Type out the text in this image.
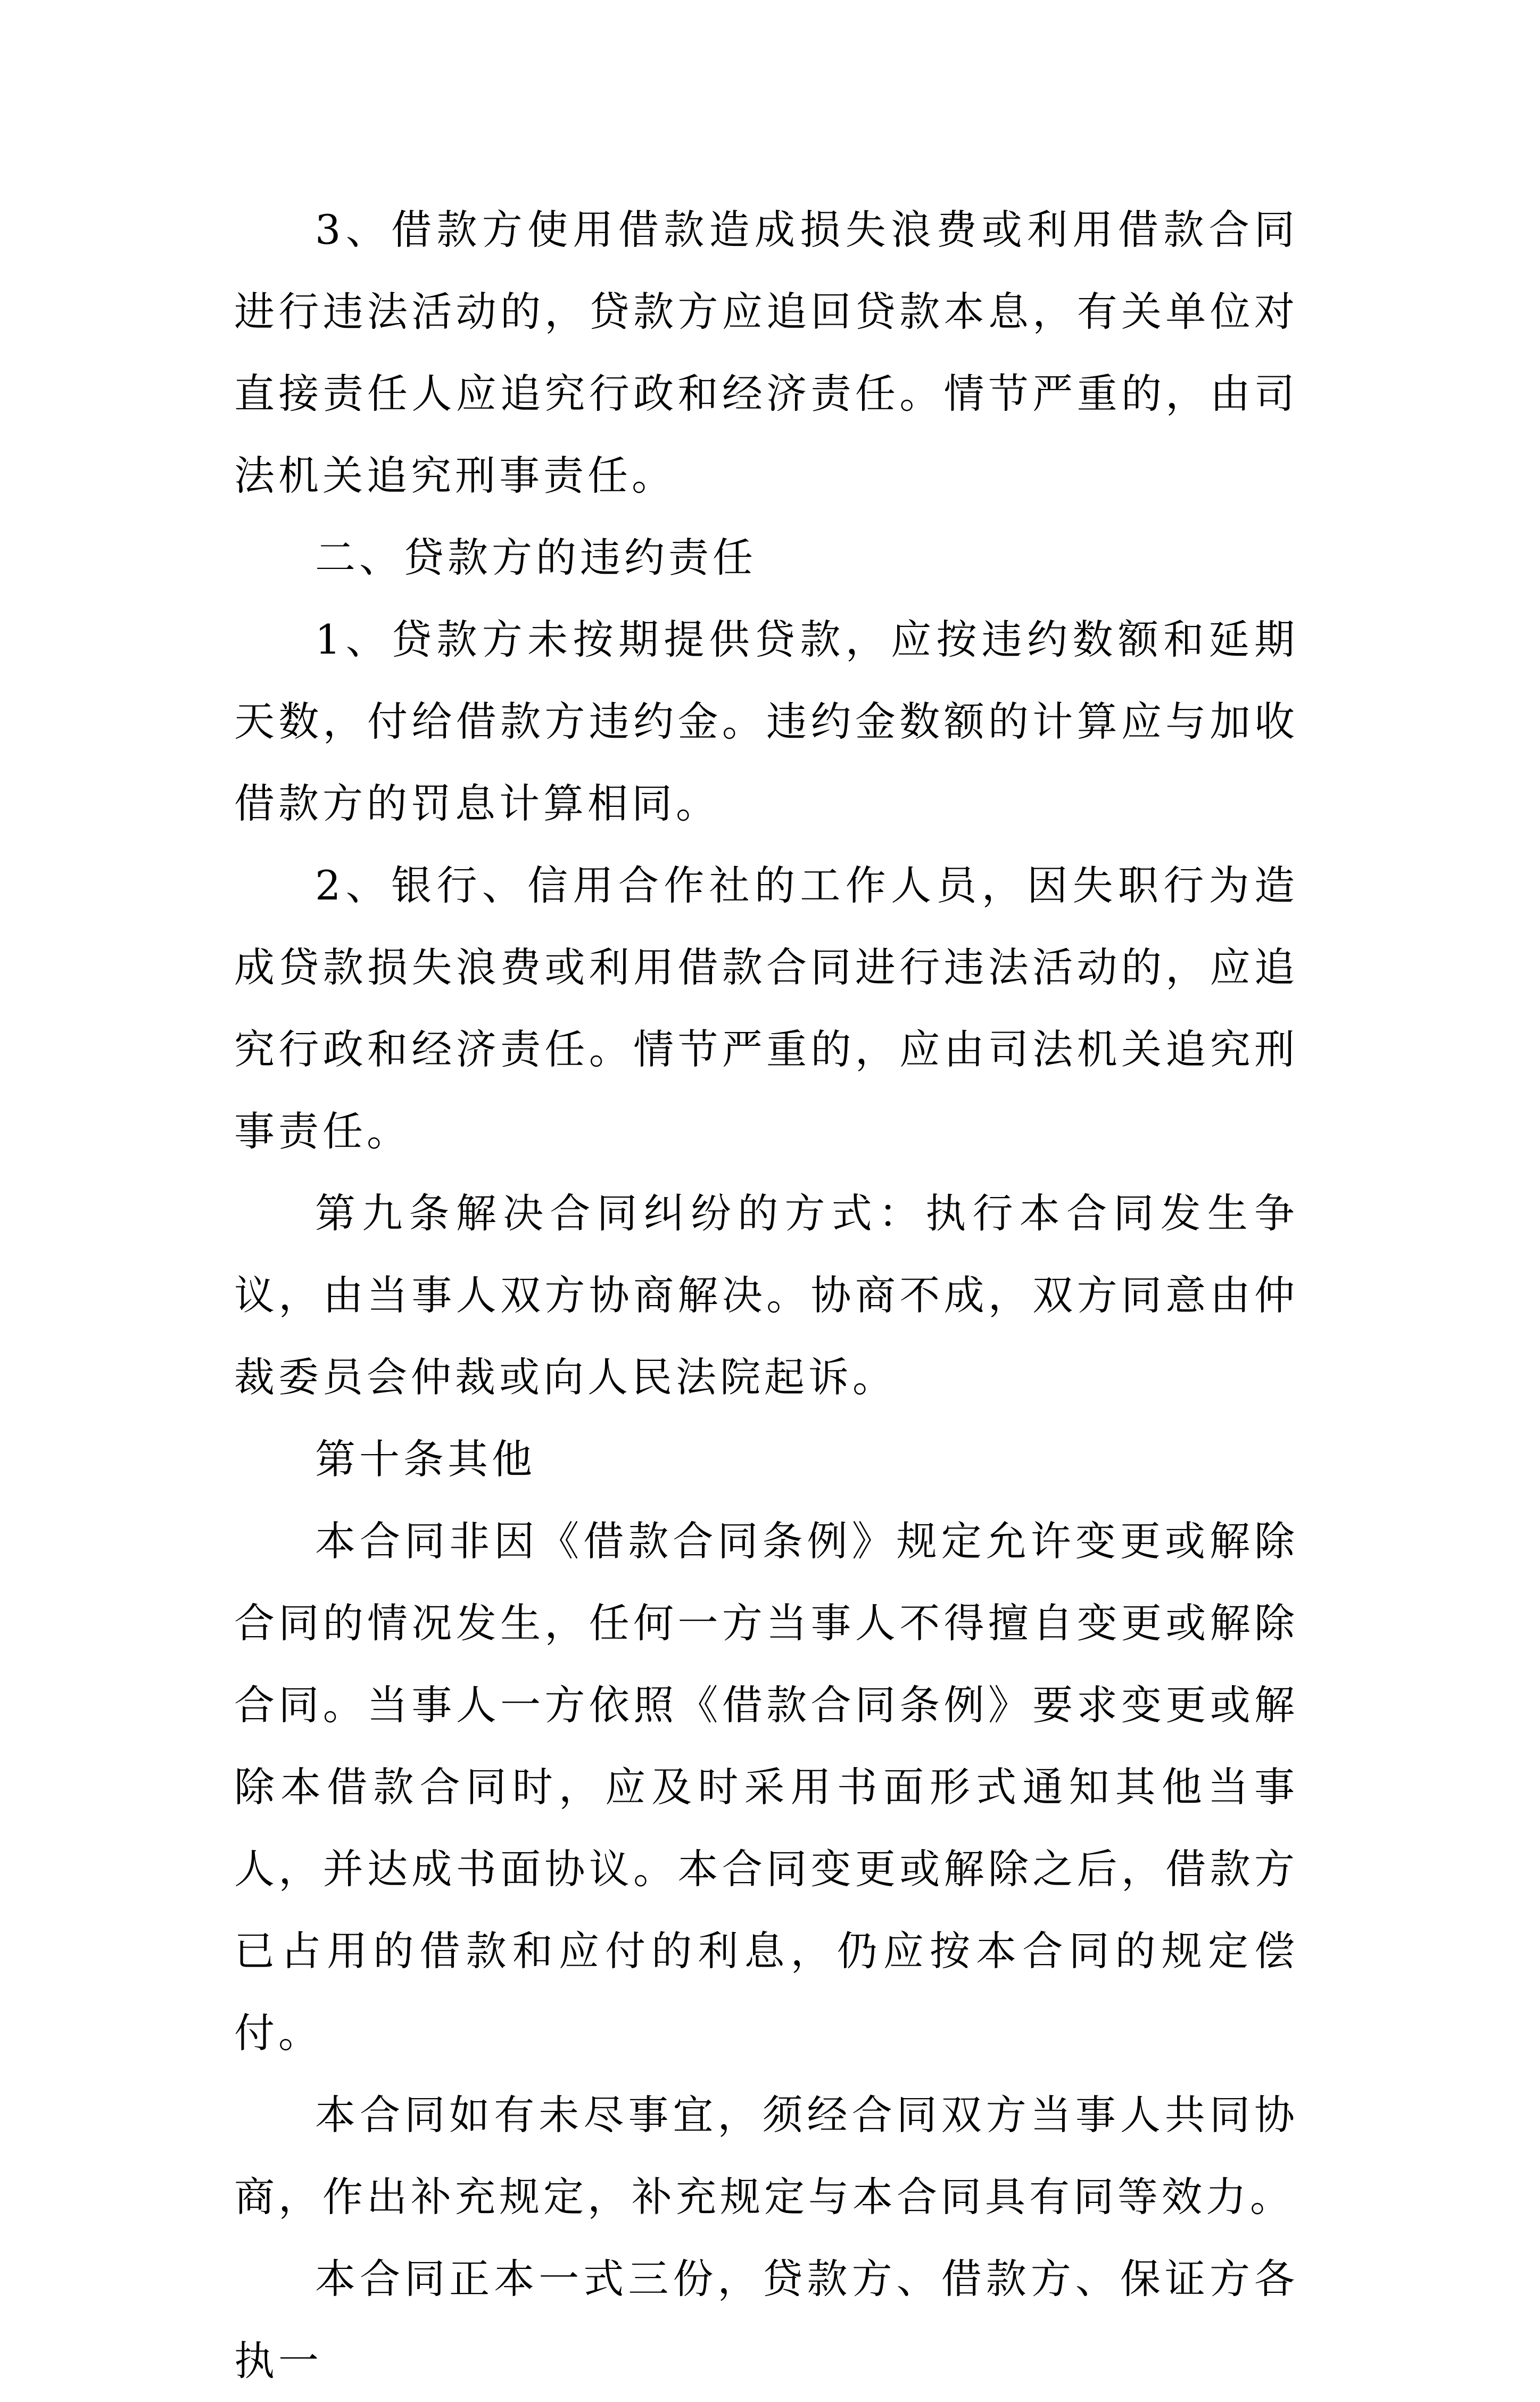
3、借款方使用借款造成损失浪费或利用借款合同进行违法活动的，贷款方应追回贷款本息，有关单位对直接责任人应追究行政和经济责任。情节严重的，由司法机关追究刑事责任。

二、贷款方的违约责任

1、贷款方未按期提供贷款，应按违约数额和延期天数，付给借款方违约金。违约金数额的计算应与加收借款方的罚息计算相同。

2、银行、信用合作社的工作人员，因失职行为造成贷款损失浪费或利用借款合同进行违法活动的，应追究行政和经济责任。情节严重的，应由司法机关追究刑事责任。

第九条解决合同纠纷的方式：执行本合同发生争议，由当事人双方协商解决。协商不成，双方同意由仲裁委员会仲裁或向人民法院起诉。

第十条其他

本合同非因《借款合同条例》规定允许变更或解除合同的情况发生，任何一方当事人不得擅自变更或解除合同。当事人一方依照《借款合同条例》要求变更或解除本借款合同时，应及时采用书面形式通知其他当事人，并达成书面协议。本合同变更或解除之后，借款方已占用的借款和应付的利息，仍应按本合同的规定偿付。

本合同如有未尽事宜，须经合同双方当事人共同协商，作出补充规定，补充规定与本合同具有同等效力。

本合同正本一式三份，贷款方、借款方、保证方各执一
